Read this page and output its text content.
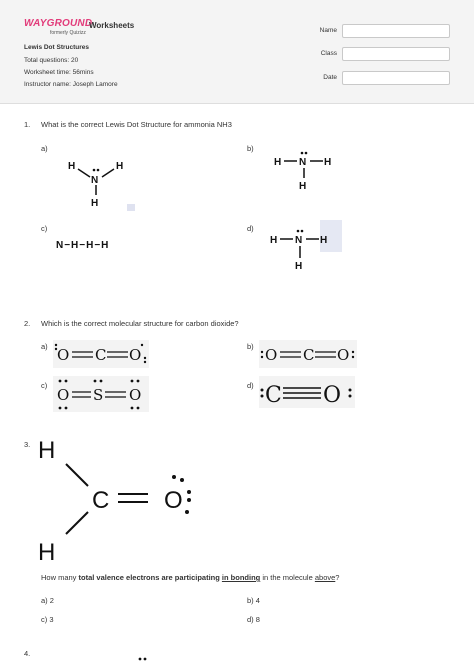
WAYGROUND
formerly Quizizz
Worksheets
Lewis Dot Structures
Total questions: 20
Worksheet time: 56mins
Instructor name: Joseph Lamore
Name
Class
Date
1. What is the correct Lewis Dot Structure for ammonia NH3
a)
H	H
N
H
b)
H N H
H
c)
N−H−H−H
d)
H N H
H
2. Which is the correct molecular structure for carbon dioxide?
a) O C O	b) O C O
c)
O S O
d) C O
3. H
C O
H
How many total valence electrons are participating in bonding in the molecule above?
a) 2	b) 4
c) 3	d) 8
4.
